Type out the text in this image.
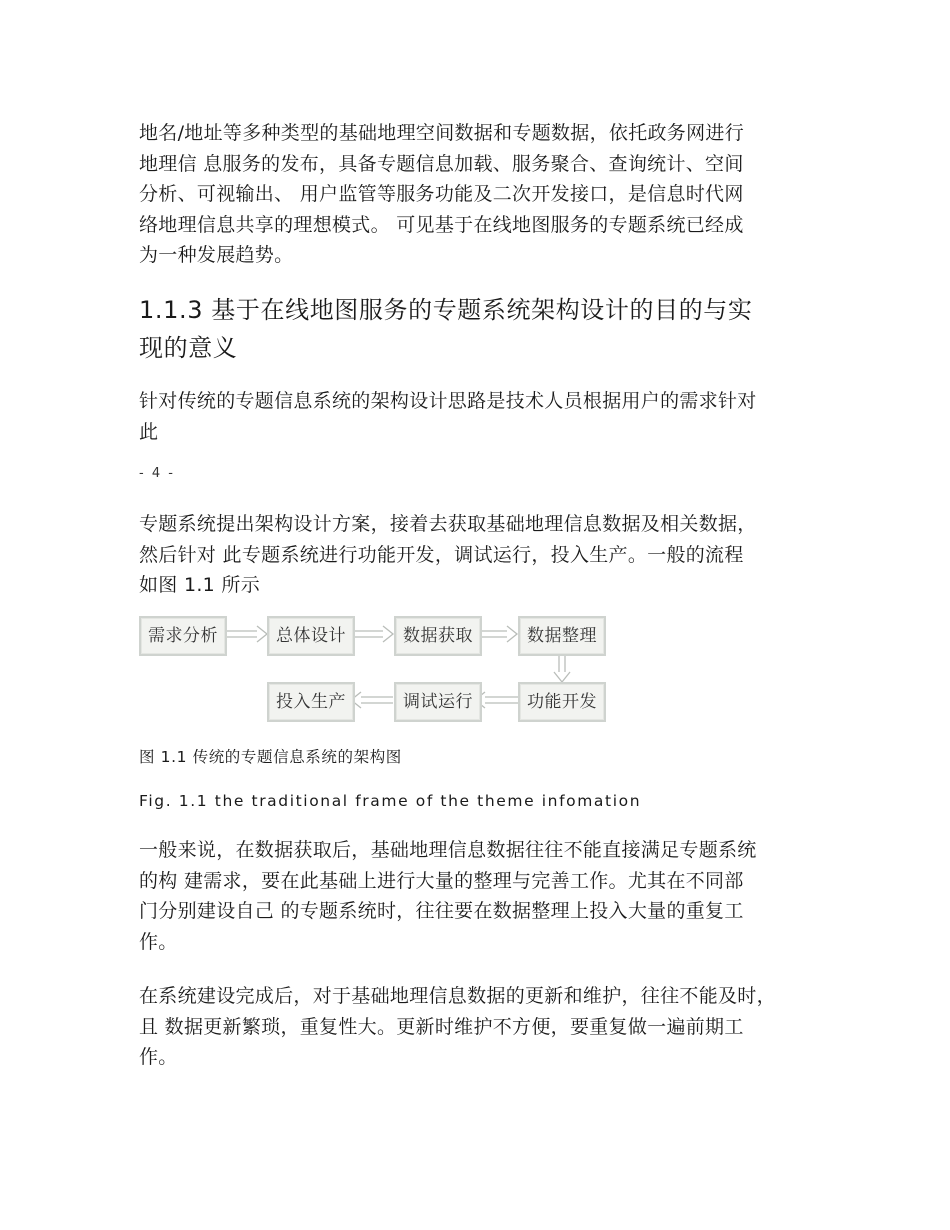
地名/地址等多种类型的基础地理空间数据和专题数据，依托政务网进行
地理信 息服务的发布，具备专题信息加载、服务聚合、查询统计、空间
分析、可视输出、 用户监管等服务功能及二次开发接口，是信息时代网
络地理信息共享的理想模式。 可见基于在线地图服务的专题系统已经成
为一种发展趋势。

1.1.3 基于在线地图服务的专题系统架构设计的目的与实
现的意义

针对传统的专题信息系统的架构设计思路是技术人员根据用户的需求针对
此

- 4 -

专题系统提出架构设计方案，接着去获取基础地理信息数据及相关数据，
然后针对 此专题系统进行功能开发，调试运行，投入生产。一般的流程
如图 1.1 所示

需求分析	总体设计	数据获取	数据整理
功能开发
调试运行
投入生产
图 1.1 传统的专题信息系统的架构图
Fig. 1.1 the traditional frame of the theme infomation

一般来说，在数据获取后，基础地理信息数据往往不能直接满足专题系统
的构 建需求，要在此基础上进行大量的整理与完善工作。尤其在不同部
门分别建设自己 的专题系统时，往往要在数据整理上投入大量的重复工
作。

在系统建设完成后，对于基础地理信息数据的更新和维护，往往不能及时，
且 数据更新繁琐，重复性大。更新时维护不方便，要重复做一遍前期工
作。
